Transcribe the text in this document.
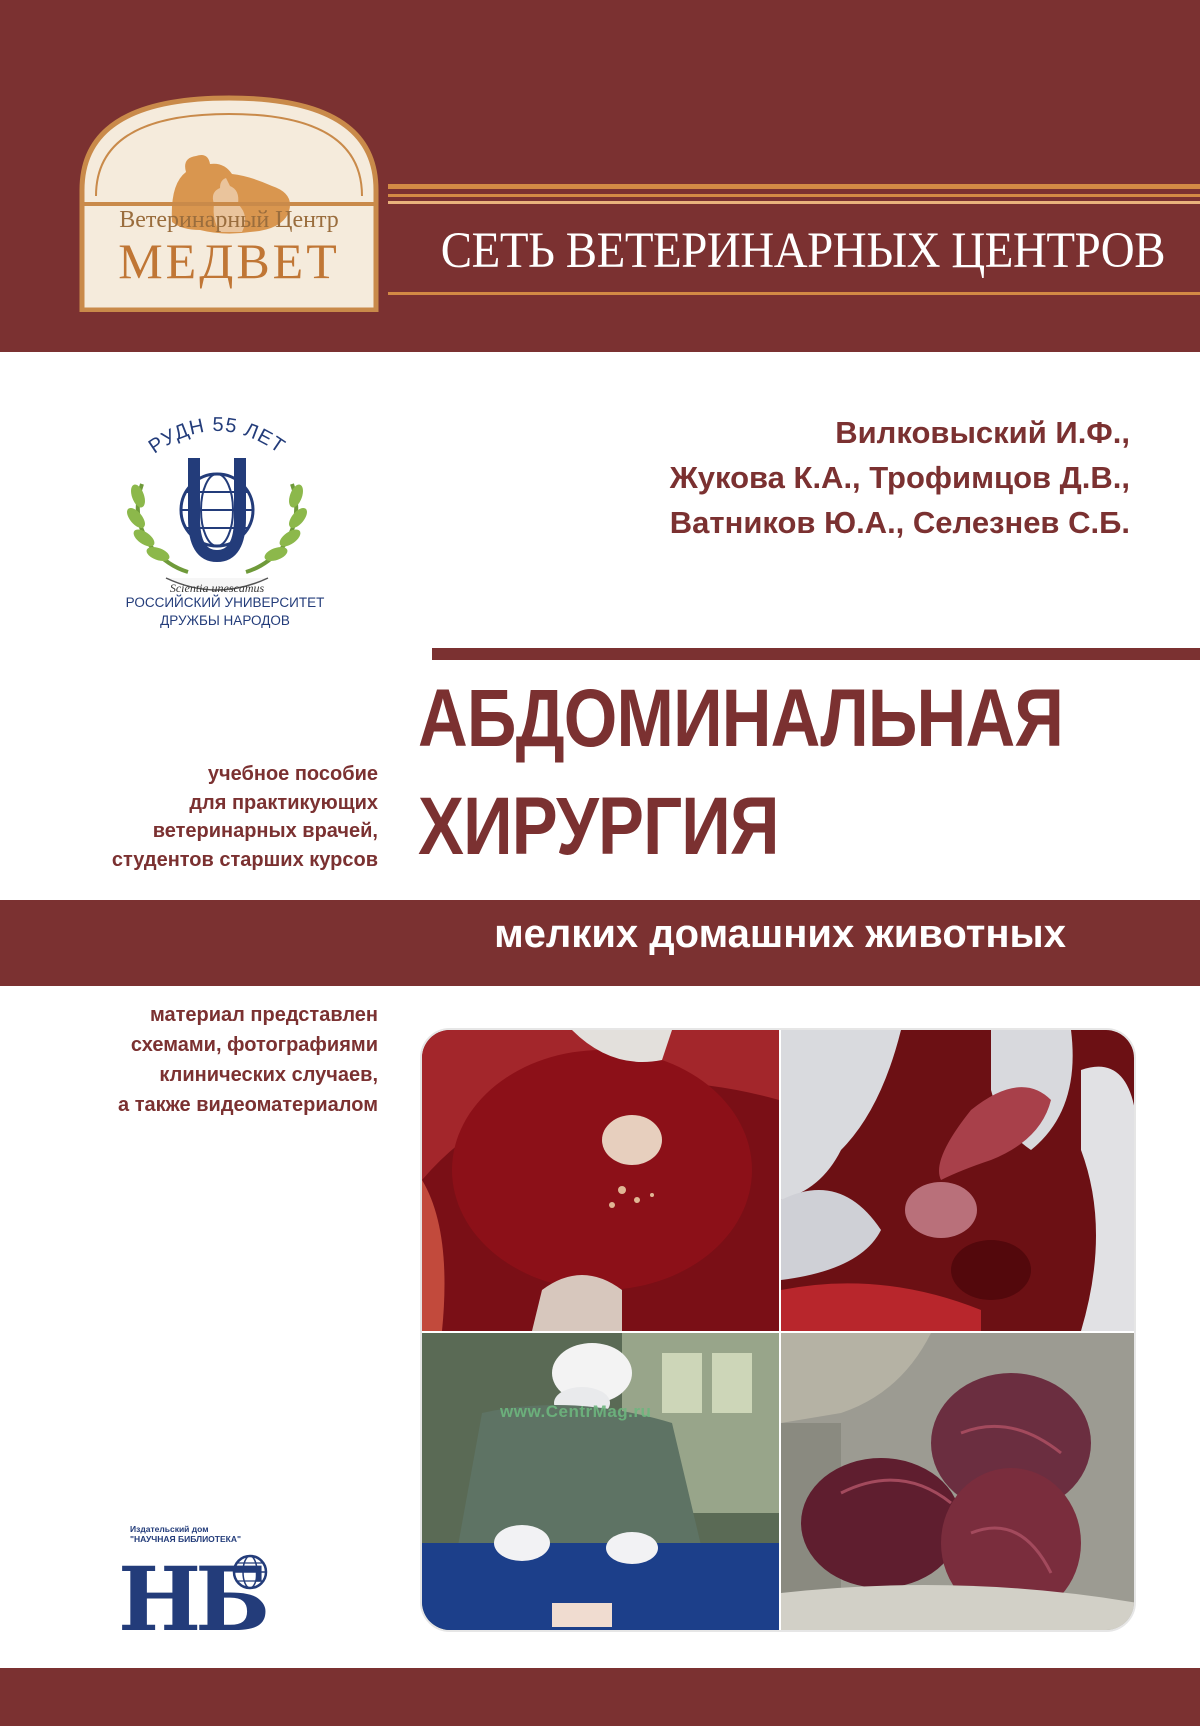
Ветеринарный Центр
МЕДВЕТ	СЕТЬ ВЕТЕРИНАРНЫХ ЦЕНТРОВ
РУДН 55 ЛЕТ
Scientia unescamus
РОССИЙСКИЙ УНИВЕРСИТЕТ
ДРУЖБЫ НАРОДОВ
Вилковыский И.Ф.,
Жукова К.А., Трофимцов Д.В.,
Ватников Ю.А., Селезнев С.Б.
АБДОМИНАЛЬНАЯ
ХИРУРГИЯ
учебное пособие
для практикующих
ветеринарных врачей,
студентов старших курсов
мелких домашних животных
материал представлен
схемами, фотографиями
клинических случаев,
а также видеоматериалом
www.CentrMag.ru
Издательский дом
"НАУЧНАЯ БИБЛИОТЕКА"
НБ
